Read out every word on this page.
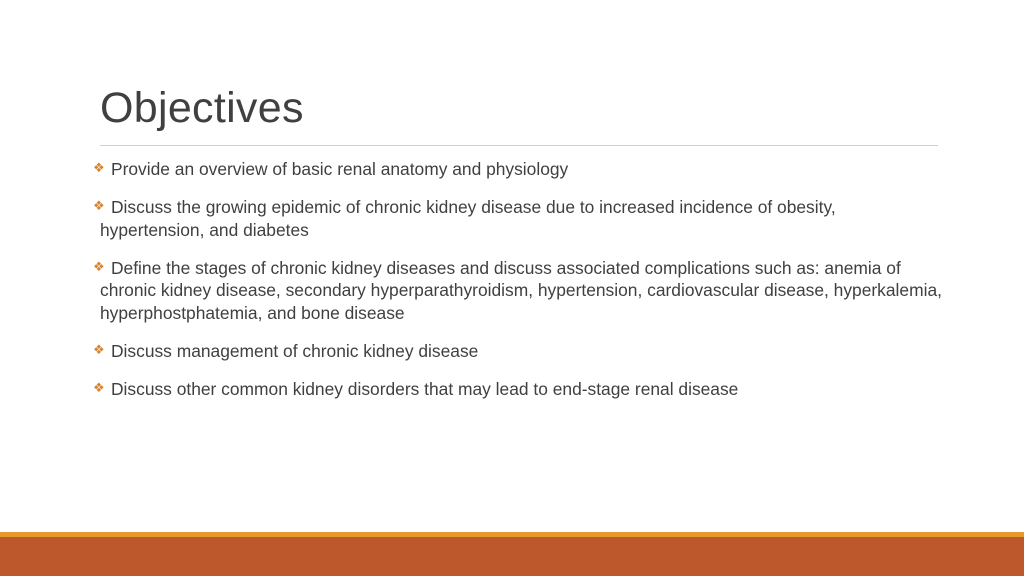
Objectives
❖ Provide an overview of basic renal anatomy and physiology
❖ Discuss the growing epidemic of chronic kidney disease due to increased incidence of obesity, hypertension, and diabetes
❖ Define the stages of chronic kidney diseases and discuss associated complications such as: anemia of chronic kidney disease, secondary hyperparathyroidism, hypertension, cardiovascular disease, hyperkalemia, hyperphostphatemia, and bone disease
❖ Discuss management of chronic kidney disease
❖ Discuss other common kidney disorders that may lead to end-stage renal disease
